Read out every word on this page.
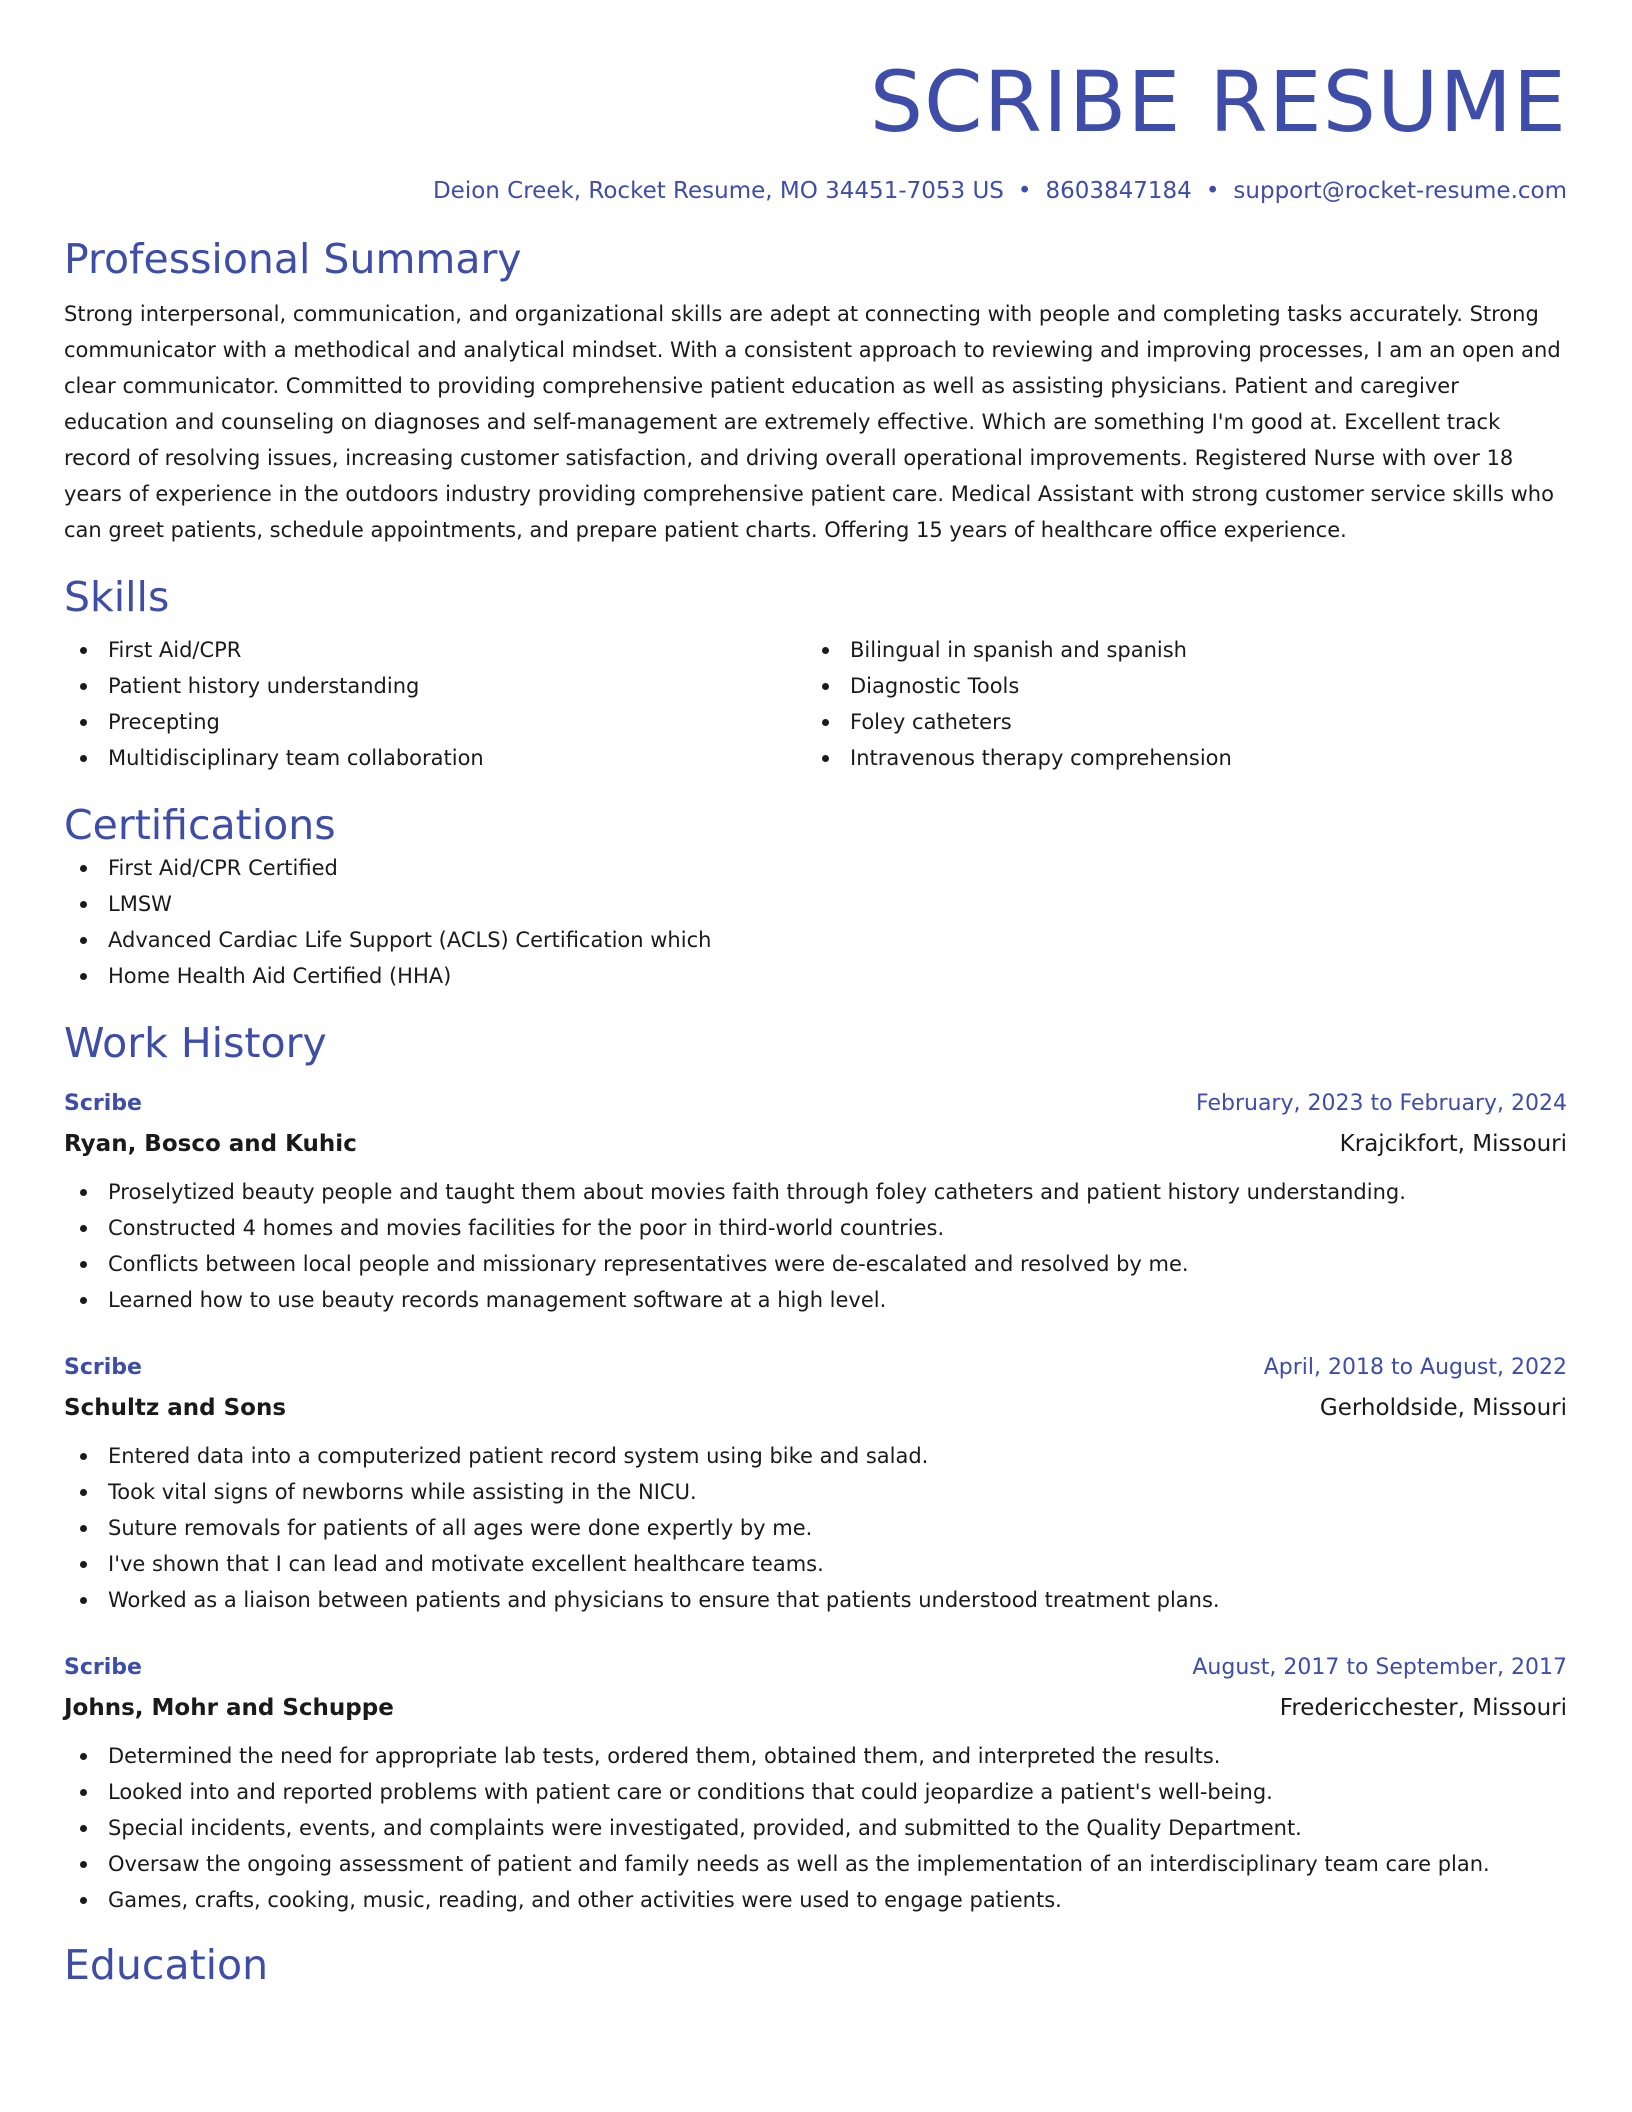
SCRIBE RESUME
Deion Creek, Rocket Resume, MO 34451-7053 US • 8603847184 • support@rocket-resume.com
Professional Summary

Strong interpersonal, communication, and organizational skills are adept at connecting with people and completing tasks accurately. Strong communicator with a methodical and analytical mindset. With a consistent approach to reviewing and improving processes, I am an open and clear communicator. Committed to providing comprehensive patient education as well as assisting physicians. Patient and caregiver education and counseling on diagnoses and self-management are extremely effective. Which are something I'm good at. Excellent track record of resolving issues, increasing customer satisfaction, and driving overall operational improvements. Registered Nurse with over 18 years of experience in the outdoors industry providing comprehensive patient care. Medical Assistant with strong customer service skills who can greet patients, schedule appointments, and prepare patient charts. Offering 15 years of healthcare office experience.

Skills
First Aid/CPR
Patient history understanding
Precepting
Multidisciplinary team collaboration
Bilingual in spanish and spanish
Diagnostic Tools
Foley catheters
Intravenous therapy comprehension
Certifications
First Aid/CPR Certified
LMSW
Advanced Cardiac Life Support (ACLS) Certification which
Home Health Aid Certified (HHA)
Work History
Scribe	February, 2023 to February, 2024
Ryan, Bosco and Kuhic	Krajcikfort, Missouri
Proselytized beauty people and taught them about movies faith through foley catheters and patient history understanding.
Constructed 4 homes and movies facilities for the poor in third-world countries.
Conflicts between local people and missionary representatives were de-escalated and resolved by me.
Learned how to use beauty records management software at a high level.
Scribe	April, 2018 to August, 2022
Schultz and Sons	Gerholdside, Missouri
Entered data into a computerized patient record system using bike and salad.
Took vital signs of newborns while assisting in the NICU.
Suture removals for patients of all ages were done expertly by me.
I've shown that I can lead and motivate excellent healthcare teams.
Worked as a liaison between patients and physicians to ensure that patients understood treatment plans.
Scribe	August, 2017 to September, 2017
Johns, Mohr and Schuppe	Fredericchester, Missouri
Determined the need for appropriate lab tests, ordered them, obtained them, and interpreted the results.
Looked into and reported problems with patient care or conditions that could jeopardize a patient's well-being.
Special incidents, events, and complaints were investigated, provided, and submitted to the Quality Department.
Oversaw the ongoing assessment of patient and family needs as well as the implementation of an interdisciplinary team care plan.
Games, crafts, cooking, music, reading, and other activities were used to engage patients.
Education
